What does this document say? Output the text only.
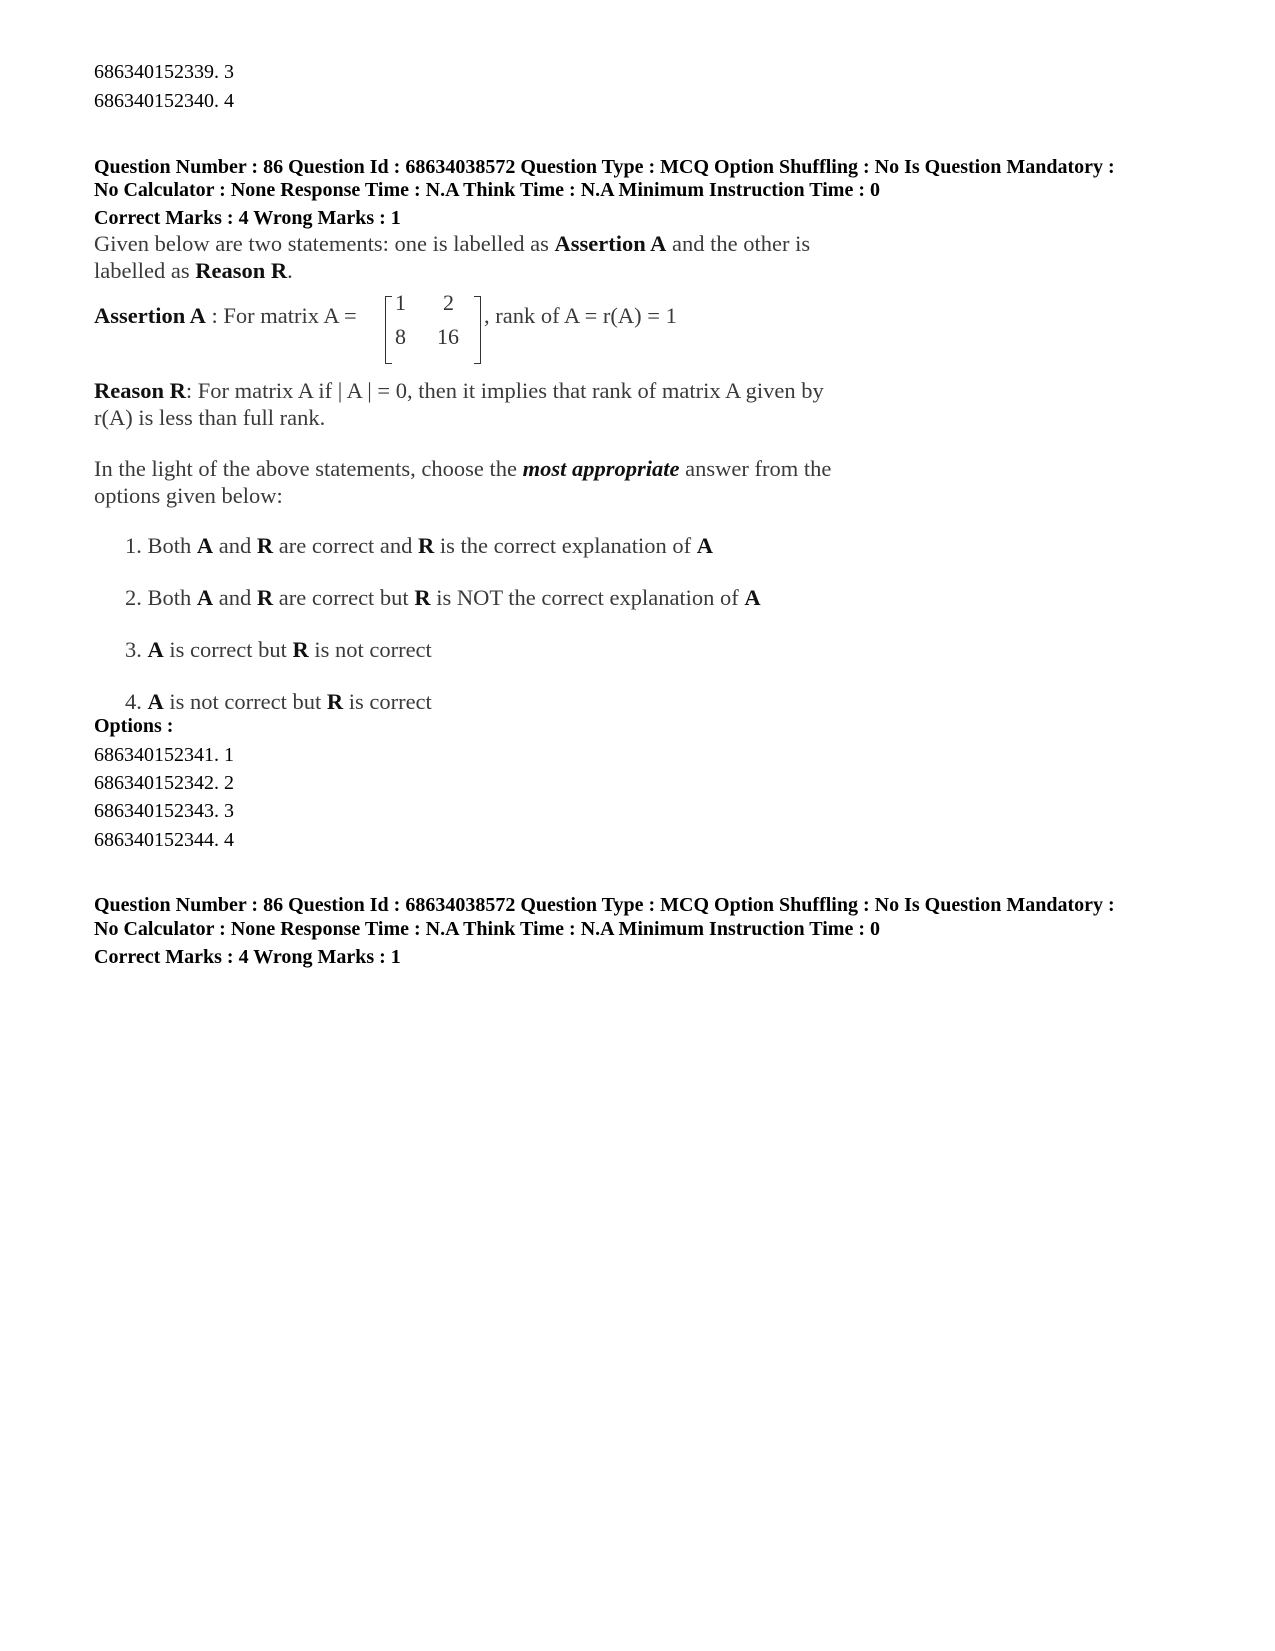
686340152339. 3
686340152340. 4
Question Number : 86 Question Id : 68634038572 Question Type : MCQ Option Shuffling : No Is Question Mandatory :
No Calculator : None Response Time : N.A Think Time : N.A Minimum Instruction Time : 0
Correct Marks : 4 Wrong Marks : 1
Given below are two statements: one is labelled as Assertion A and the other is
labelled as Reason R.
Assertion A : For matrix A =
1 2
8 16
, rank of A = r(A) = 1
Reason R: For matrix A if | A | = 0, then it implies that rank of matrix A given by
r(A) is less than full rank.
In the light of the above statements, choose the most appropriate answer from the
options given below:
1. Both A and R are correct and R is the correct explanation of A
2. Both A and R are correct but R is NOT the correct explanation of A
3. A is correct but R is not correct
4. A is not correct but R is correct
Options :
686340152341. 1
686340152342. 2
686340152343. 3
686340152344. 4
Question Number : 86 Question Id : 68634038572 Question Type : MCQ Option Shuffling : No Is Question Mandatory :
No Calculator : None Response Time : N.A Think Time : N.A Minimum Instruction Time : 0
Correct Marks : 4 Wrong Marks : 1
